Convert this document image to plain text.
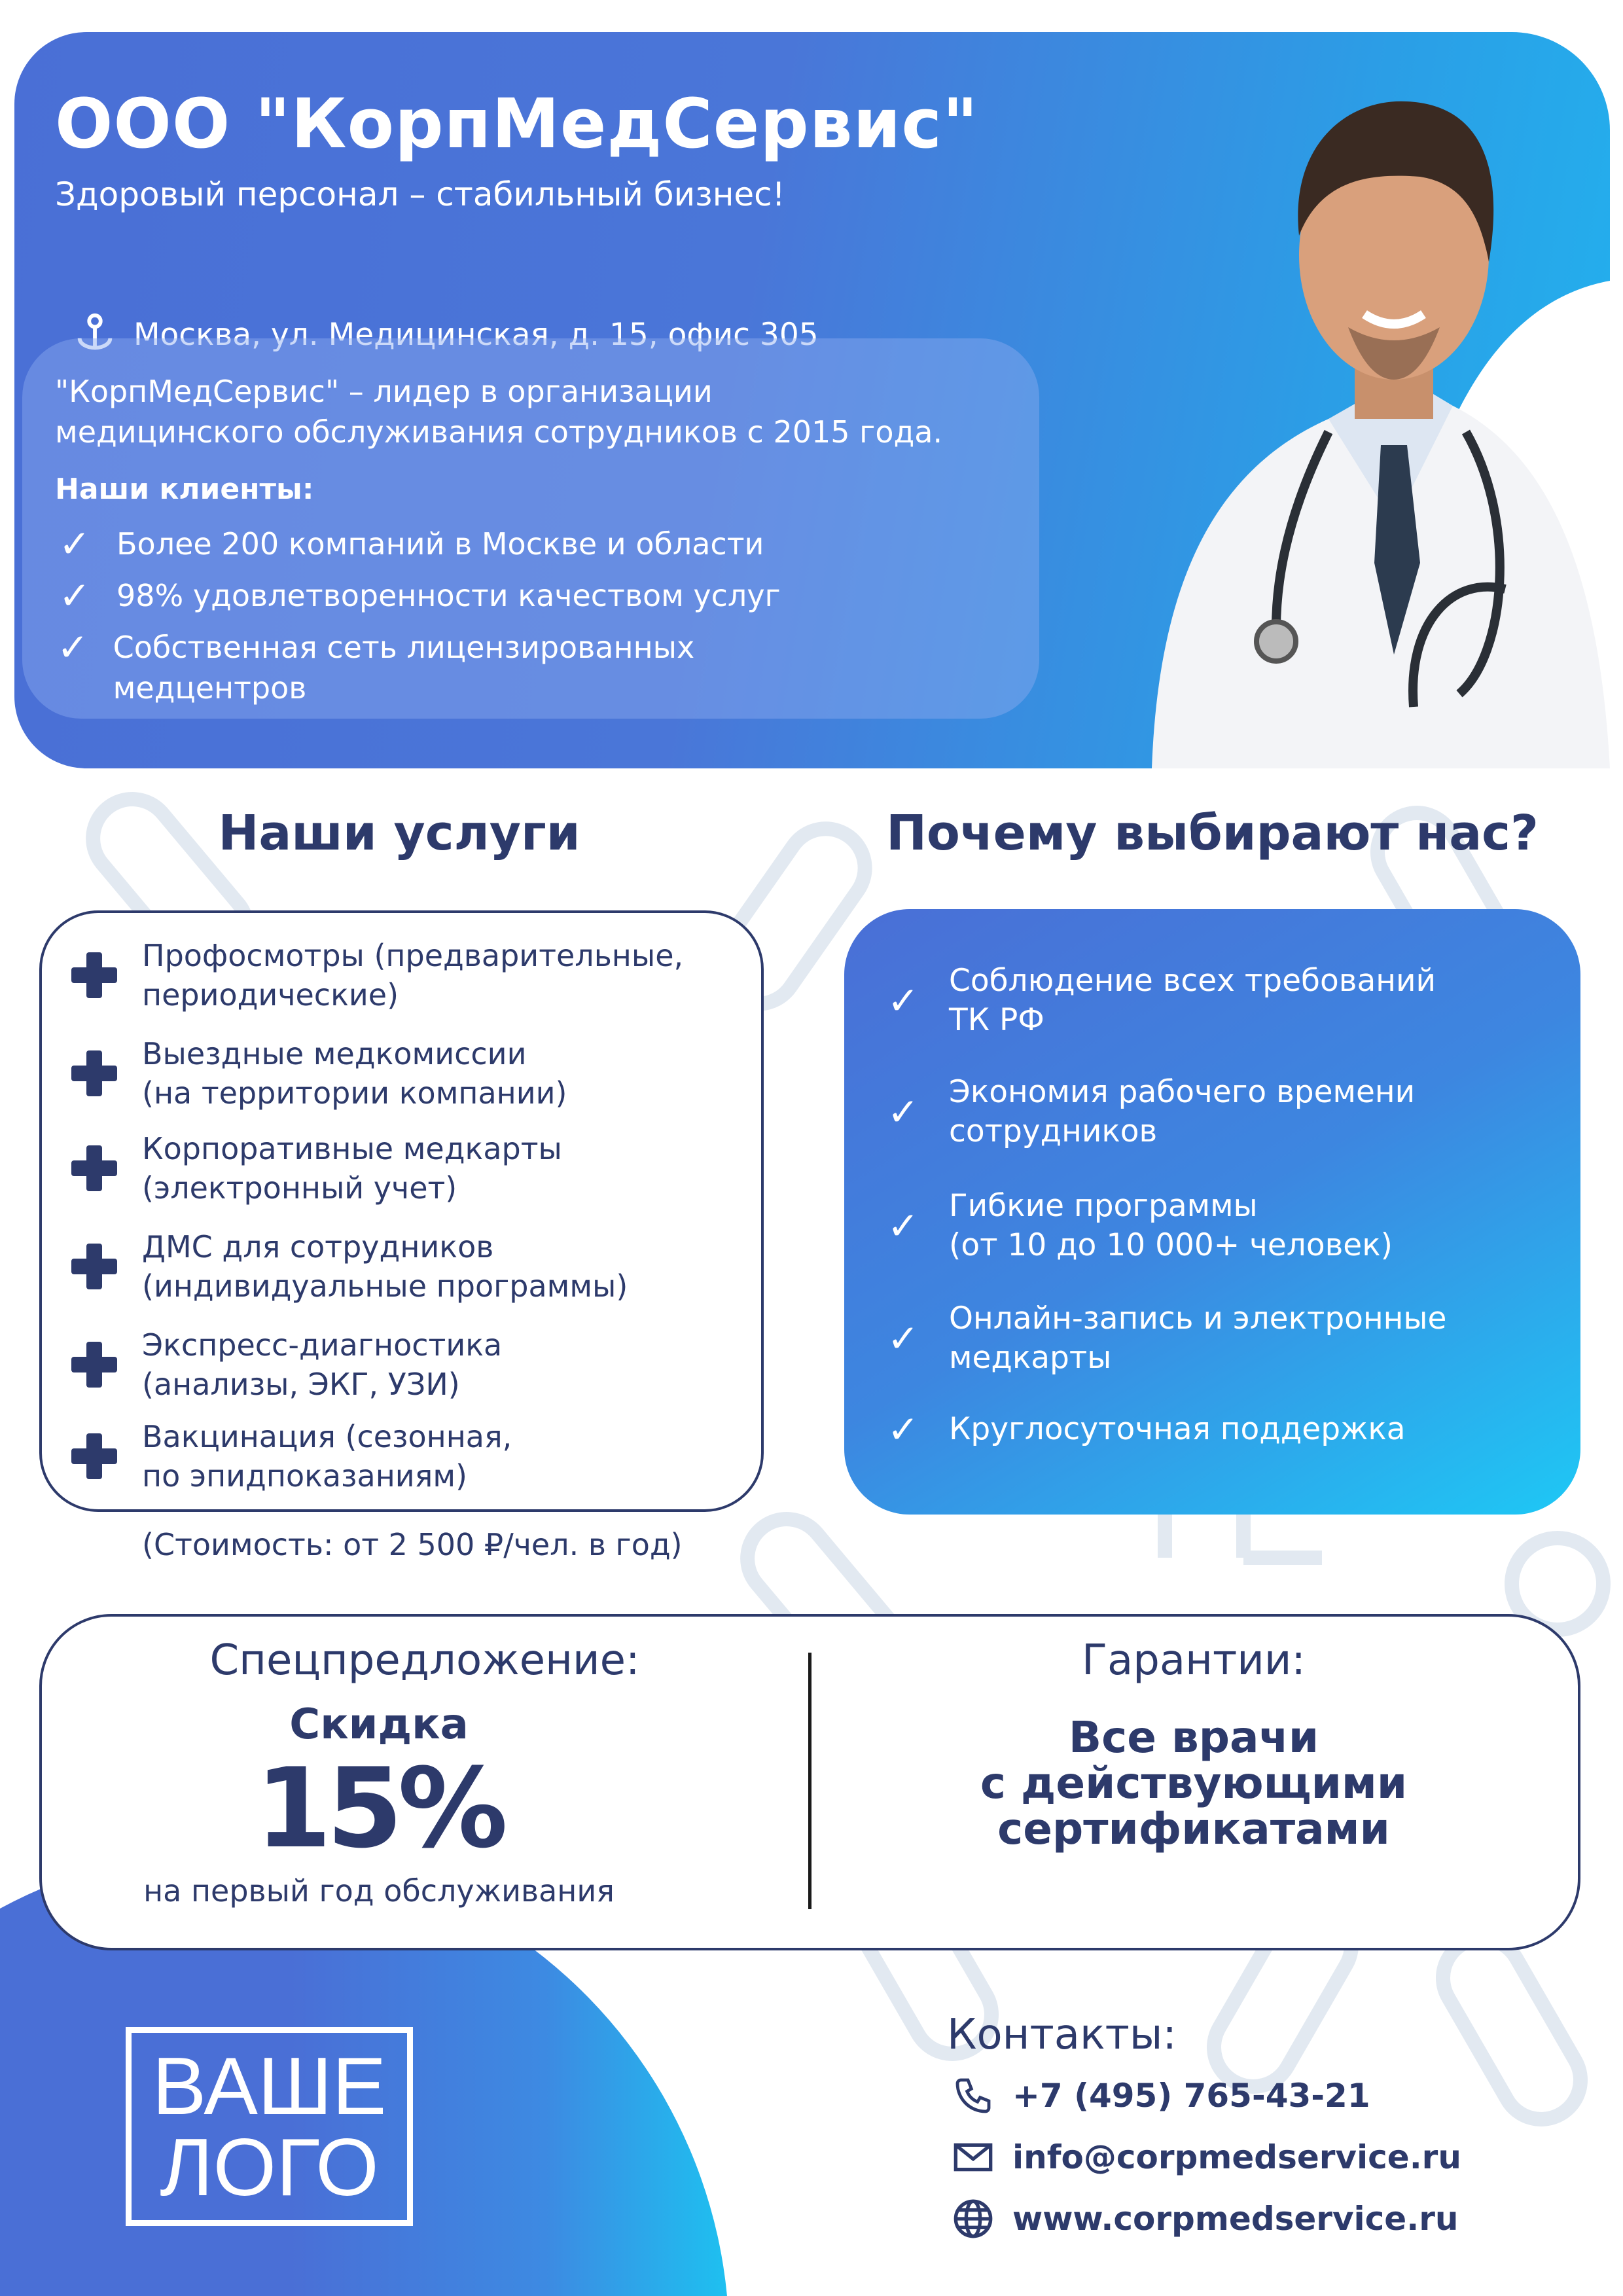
ООО "КорпМедСервис"
Здоровый персонал – стабильный бизнес!
Москва, ул. Медицинская, д. 15, офис 305
"КорпМедСервис" – лидер в организации
медицинского обслуживания сотрудников с 2015 года.
Наши клиенты:
✓ Более 200 компаний в Москве и области
✓ 98% удовлетворенности качеством услуг
✓ Собственная сеть лицензированных медцентров
Наши услуги	Почему выбирают нас?
Профосмотры (предварительные,
периодические)
Выездные медкомиссии
(на территории компании)
Корпоративные медкарты
(электронный учет)
ДМС для сотрудников
(индивидуальные программы)
Экспресс-диагностика
(анализы, ЭКГ, УЗИ)
Вакцинация (сезонная,
по эпидпоказаниям)
(Стоимость: от 2 500 ₽/чел. в год)
✓ Соблюдение всех требований
ТК РФ
✓ Экономия рабочего времени
сотрудников
✓ Гибкие программы
(от 10 до 10 000+ человек)
✓ Онлайн-запись и электронные
медкарты
✓ Круглосуточная поддержка
Спецпредложение:
Скидка
15%
на первый год обслуживания
Гарантии:
Все врачи
с действующими
сертификатами
ВАШЕ
ЛОГО
Контакты:
+7 (495) 765-43-21
info@corpmedservice.ru
www.corpmedservice.ru
